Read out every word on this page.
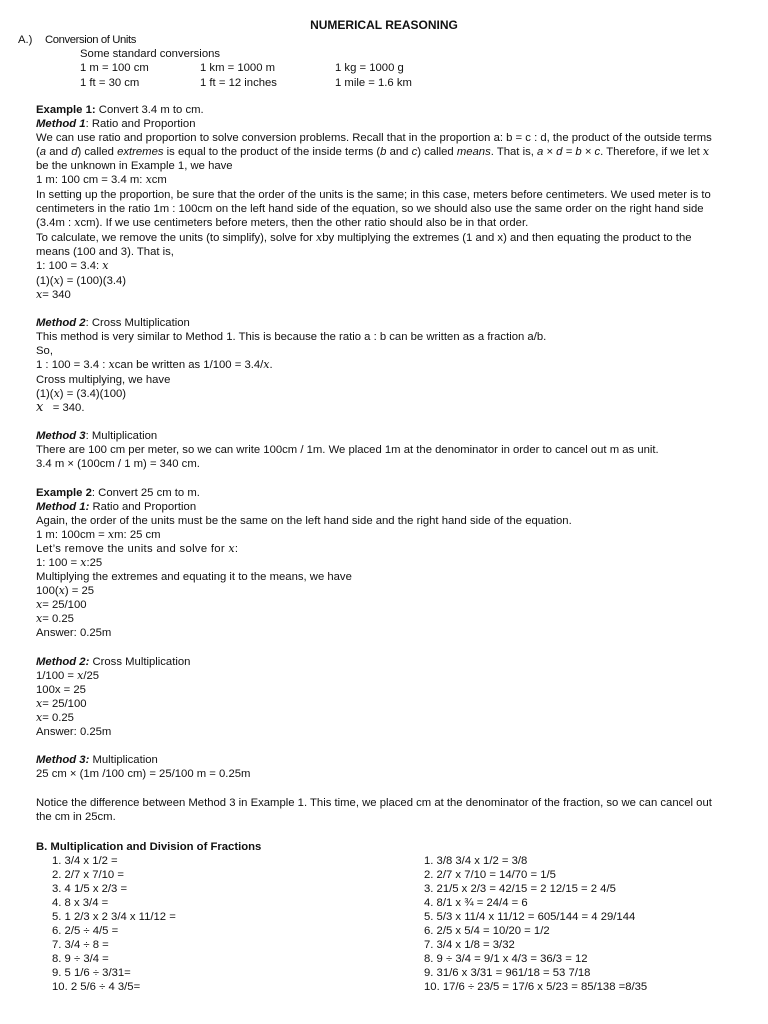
NUMERICAL REASONING
A.) Conversion of Units
Some standard conversions
1 m = 100 cm	1 km = 1000 m	1 kg = 1000 g
1 ft = 30 cm	1 ft = 12 inches	1 mile = 1.6 km
Example 1: Convert 3.4 m to cm.
Method 1: Ratio and Proportion
We can use ratio and proportion to solve conversion problems. Recall that in the proportion a: b = c : d, the product of the outside terms
(a and d) called extremes is equal to the product of the inside terms (b and c) called means. That is, a × d = b × c. Therefore, if we let x
be the unknown in Example 1, we have
1 m: 100 cm = 3.4 m: xcm
In setting up the proportion, be sure that the order of the units is the same; in this case, meters before centimeters. We used meter is to
centimeters in the ratio 1m : 100cm on the left hand side of the equation, so we should also use the same order on the right hand side
(3.4m : xcm). If we use centimeters before meters, then the other ratio should also be in that order.
To calculate, we remove the units (to simplify), solve for xby multiplying the extremes (1 and x) and then equating the product to the
means (100 and 3). That is,
1: 100 = 3.4: x
(1)(x) = (100)(3.4)
x= 340
Method 2: Cross Multiplication
This method is very similar to Method 1. This is because the ratio a : b can be written as a fraction a/b.
So,
1 : 100 = 3.4 : xcan be written as 1/100 = 3.4/x.
Cross multiplying, we have
(1)(x) = (3.4)(100)
x   = 340.
Method 3: Multiplication
There are 100 cm per meter, so we can write 100cm / 1m. We placed 1m at the denominator in order to cancel out m as unit.
3.4 m × (100cm / 1 m) = 340 cm.
Example 2: Convert 25 cm to m.
Method 1: Ratio and Proportion
Again, the order of the units must be the same on the left hand side and the right hand side of the equation.
1 m: 100cm = xm: 25 cm
Let’s remove the units and solve for x:
1: 100 = x:25
Multiplying the extremes and equating it to the means, we have
100(x) = 25
x= 25/100
x= 0.25
Answer: 0.25m
Method 2: Cross Multiplication
1/100 = x/25
100x = 25
x= 25/100
x= 0.25
Answer: 0.25m
Method 3: Multiplication
25 cm × (1m /100 cm) = 25/100 m = 0.25m
Notice the difference between Method 3 in Example 1. This time, we placed cm at the denominator of the fraction, so we can cancel out
the cm in 25cm.
B. Multiplication and Division of Fractions
1. 3/4 x 1/2 =
2. 2/7 x 7/10 =
3. 4 1/5 x 2/3 =
4. 8 x 3/4 =
5. 1 2/3 x 2 3/4 x 11/12 =
6. 2/5 ÷ 4/5 =
7. 3/4 ÷ 8 =
8. 9 ÷ 3/4 =
9. 5 1/6 ÷ 3/31=
10. 2 5/6 ÷ 4 3/5=
1. 3/8 3/4 x 1/2 = 3/8
2. 2/7 x 7/10 = 14/70 = 1/5
3. 21/5 x 2/3 = 42/15 = 2 12/15 = 2 4/5
4. 8/1 x ¾ = 24/4 = 6
5. 5/3 x 11/4 x 11/12 = 605/144 = 4 29/144
6. 2/5 x 5/4 = 10/20 = 1/2
7. 3/4 x 1/8 = 3/32
8. 9 ÷ 3/4 = 9/1 x 4/3 = 36/3 = 12
9. 31/6 x 3/31 = 961/18 = 53 7/18
10. 17/6 ÷ 23/5 = 17/6 x 5/23 = 85/138 =8/35
